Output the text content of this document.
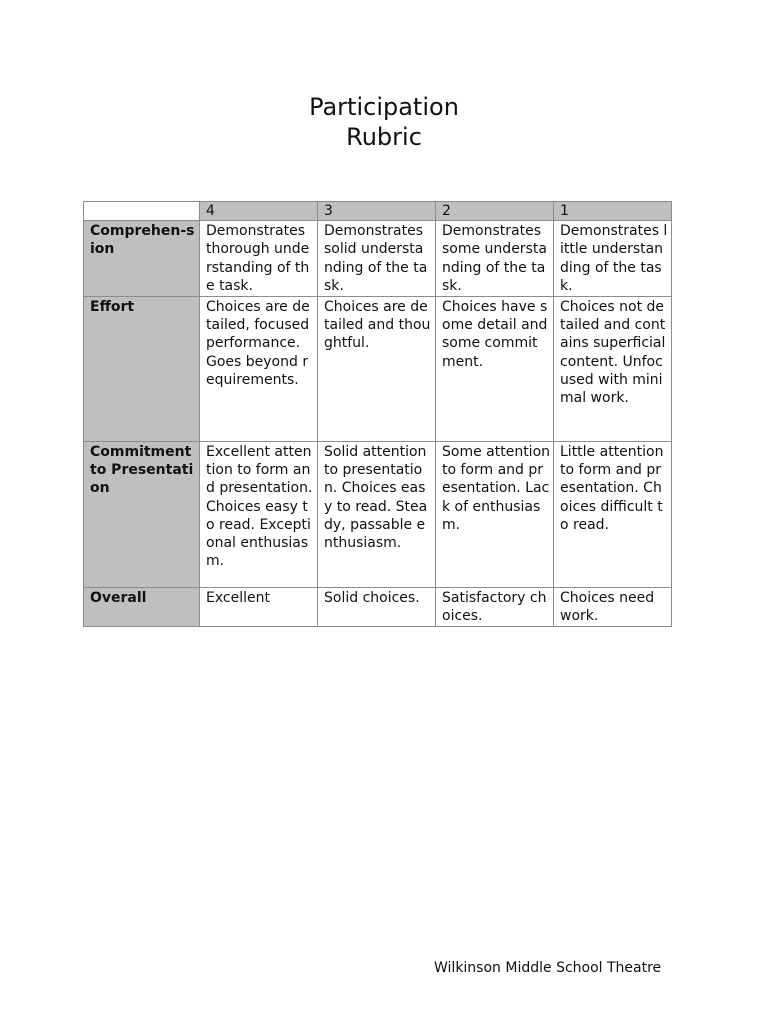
Participation
Rubric
	4	3	2	1
Comprehen-sion	Demonstrates thorough understanding of the task.	Demonstrates solid understanding of the task.	Demonstrates some understanding of the task.	Demonstrates little understanding of the task.
Effort	Choices are detailed, focused performance. Goes beyond requirements.	Choices are detailed and thoughtful.	Choices have some detail and some commitment.	Choices not detailed and contains superficial content. Unfocused with minimal work.
Commitment to Presentation	Excellent attention to form and presentation. Choices easy to read. Exceptional enthusiasm.	Solid attention to presentation. Choices easy to read. Steady, passable enthusiasm.	Some attention to form and presentation. Lack of enthusiasm.	Little attention to form and presentation. Choices difficult to read.
Overall	Excellent	Solid choices.	Satisfactory choices.	Choices need work.

Wilkinson Middle School Theatre
